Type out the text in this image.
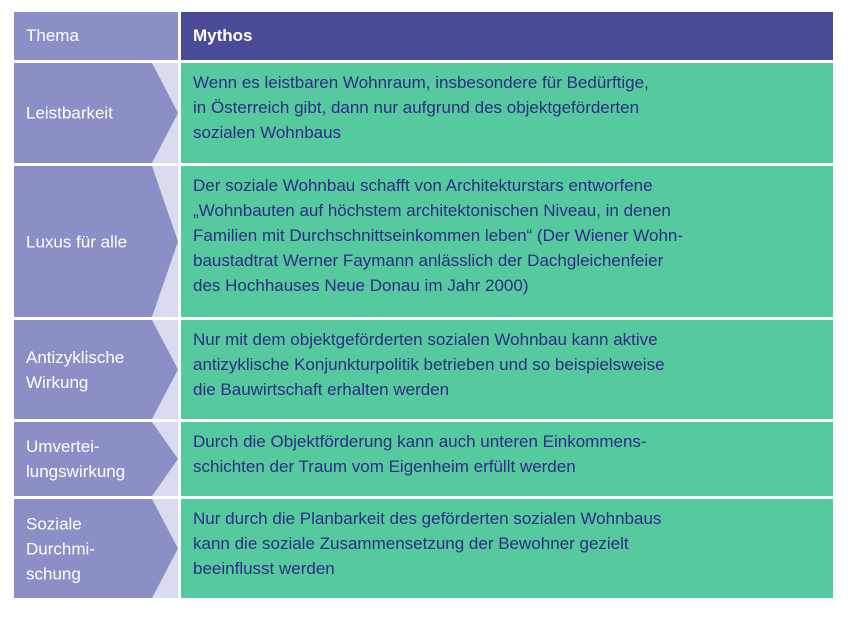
Thema	Mythos
Leistbarkeit
Wenn es leistbaren Wohnraum, insbesondere für Bedürftige,
in Österreich gibt, dann nur aufgrund des objektgeförderten
sozialen Wohnbaus
Luxus für alle
Der soziale Wohnbau schafft von Architekturstars entworfene
„Wohnbauten auf höchstem architektonischen Niveau, in denen
Familien mit Durchschnittseinkommen leben“ (Der Wiener Wohn-
baustadtrat Werner Faymann anlässlich der Dachgleichenfeier
des Hochhauses Neue Donau im Jahr 2000)
Antizyklische
Wirkung
Nur mit dem objektgeförderten sozialen Wohnbau kann aktive
antizyklische Konjunkturpolitik betrieben und so beispielsweise
die Bauwirtschaft erhalten werden
Umvertei-
lungswirkung
Durch die Objektförderung kann auch unteren Einkommens-
schichten der Traum vom Eigenheim erfüllt werden
Soziale
Durchmi-
schung
Nur durch die Planbarkeit des geförderten sozialen Wohnbaus
kann die soziale Zusammensetzung der Bewohner gezielt
beeinflusst werden
